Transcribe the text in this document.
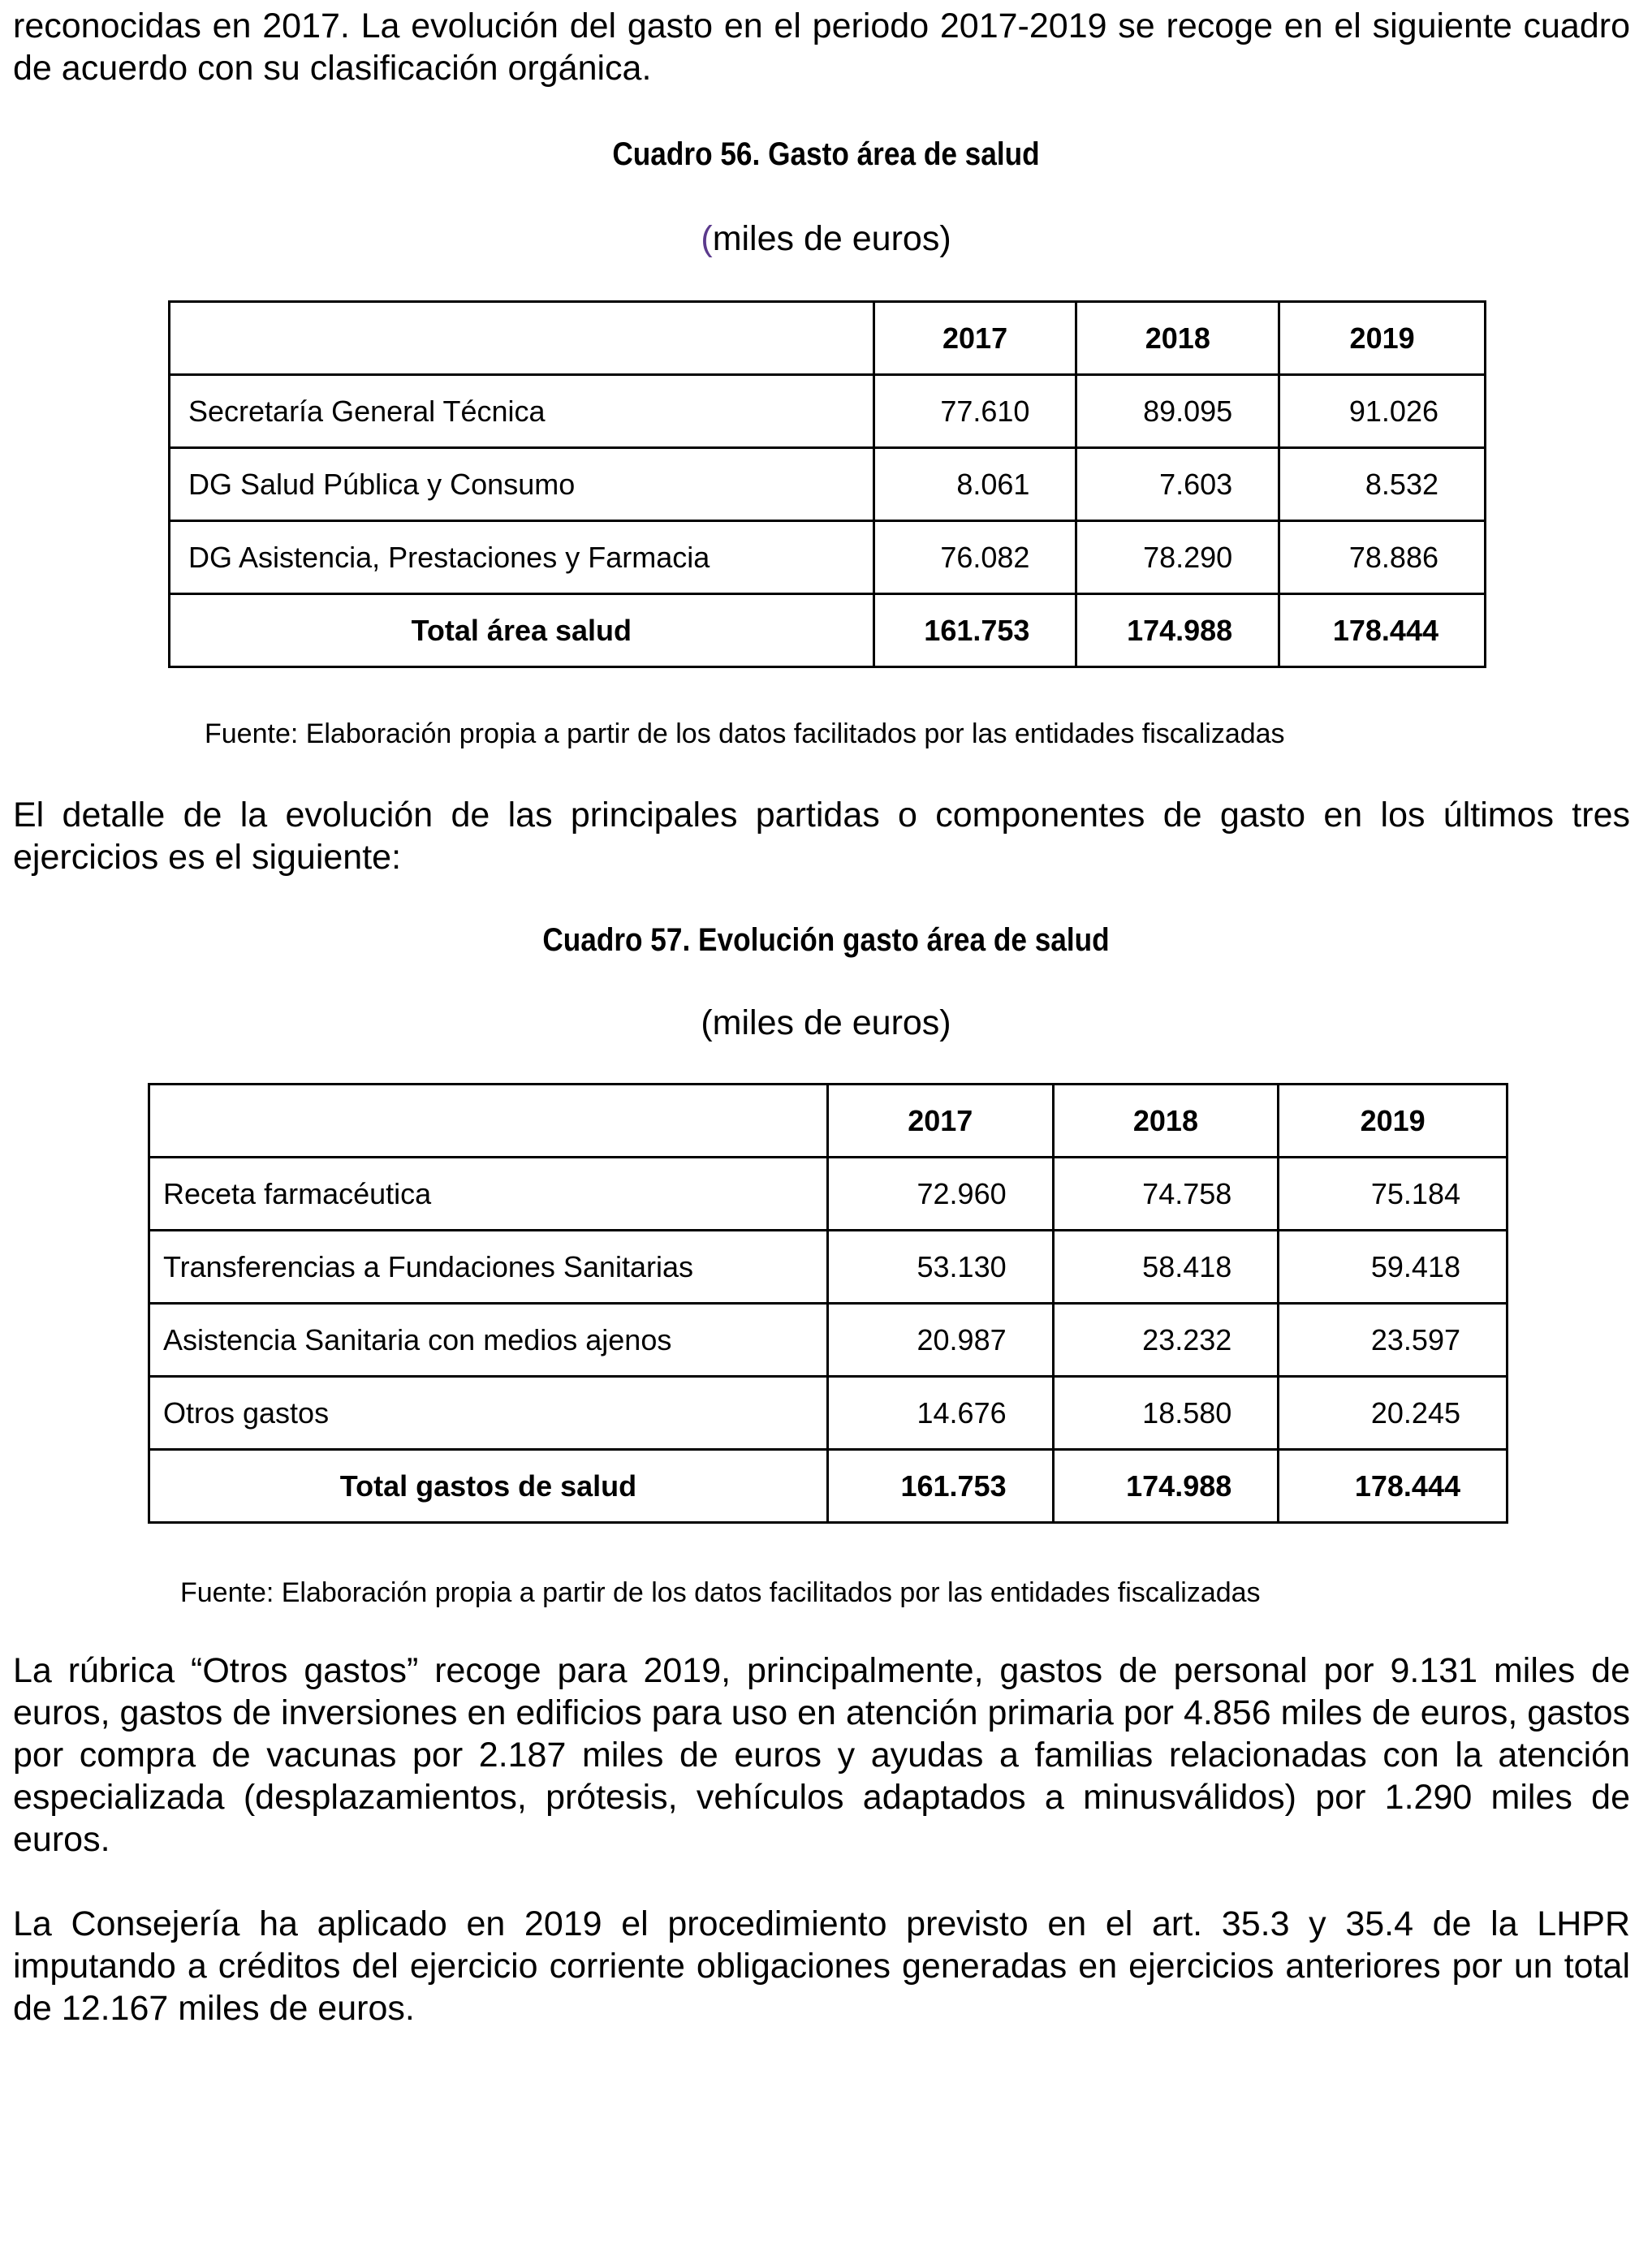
reconocidas en 2017. La evolución del gasto en el periodo 2017-2019 se recoge en el siguiente cuadro de acuerdo con su clasificación orgánica.

Cuadro 56. Gasto área de salud

(miles de euros)

	2017	2018	2019
Secretaría General Técnica	77.610	89.095	91.026
DG Salud Pública y Consumo	8.061	7.603	8.532
DG Asistencia, Prestaciones y Farmacia	76.082	78.290	78.886
Total área salud	161.753	174.988	178.444

Fuente: Elaboración propia a partir de los datos facilitados por las entidades fiscalizadas

El detalle de la evolución de las principales partidas o componentes de gasto en los últimos tres ejercicios es el siguiente:

Cuadro 57. Evolución gasto área de salud

(miles de euros)

	2017	2018	2019
Receta farmacéutica	72.960	74.758	75.184
Transferencias a Fundaciones Sanitarias	53.130	58.418	59.418
Asistencia Sanitaria con medios ajenos	20.987	23.232	23.597
Otros gastos	14.676	18.580	20.245
Total gastos de salud	161.753	174.988	178.444

Fuente: Elaboración propia a partir de los datos facilitados por las entidades fiscalizadas

La rúbrica “Otros gastos” recoge para 2019, principalmente, gastos de personal por 9.131 miles de euros, gastos de inversiones en edificios para uso en atención primaria por 4.856 miles de euros, gastos por compra de vacunas por 2.187 miles de euros y ayudas a familias relacionadas con la atención especializada (desplazamientos, prótesis, vehículos adaptados a minusválidos) por 1.290 miles de euros.

La Consejería ha aplicado en 2019 el procedimiento previsto en el art. 35.3 y 35.4 de la LHPR imputando a créditos del ejercicio corriente obligaciones generadas en ejercicios anteriores por un total de 12.167 miles de euros.
